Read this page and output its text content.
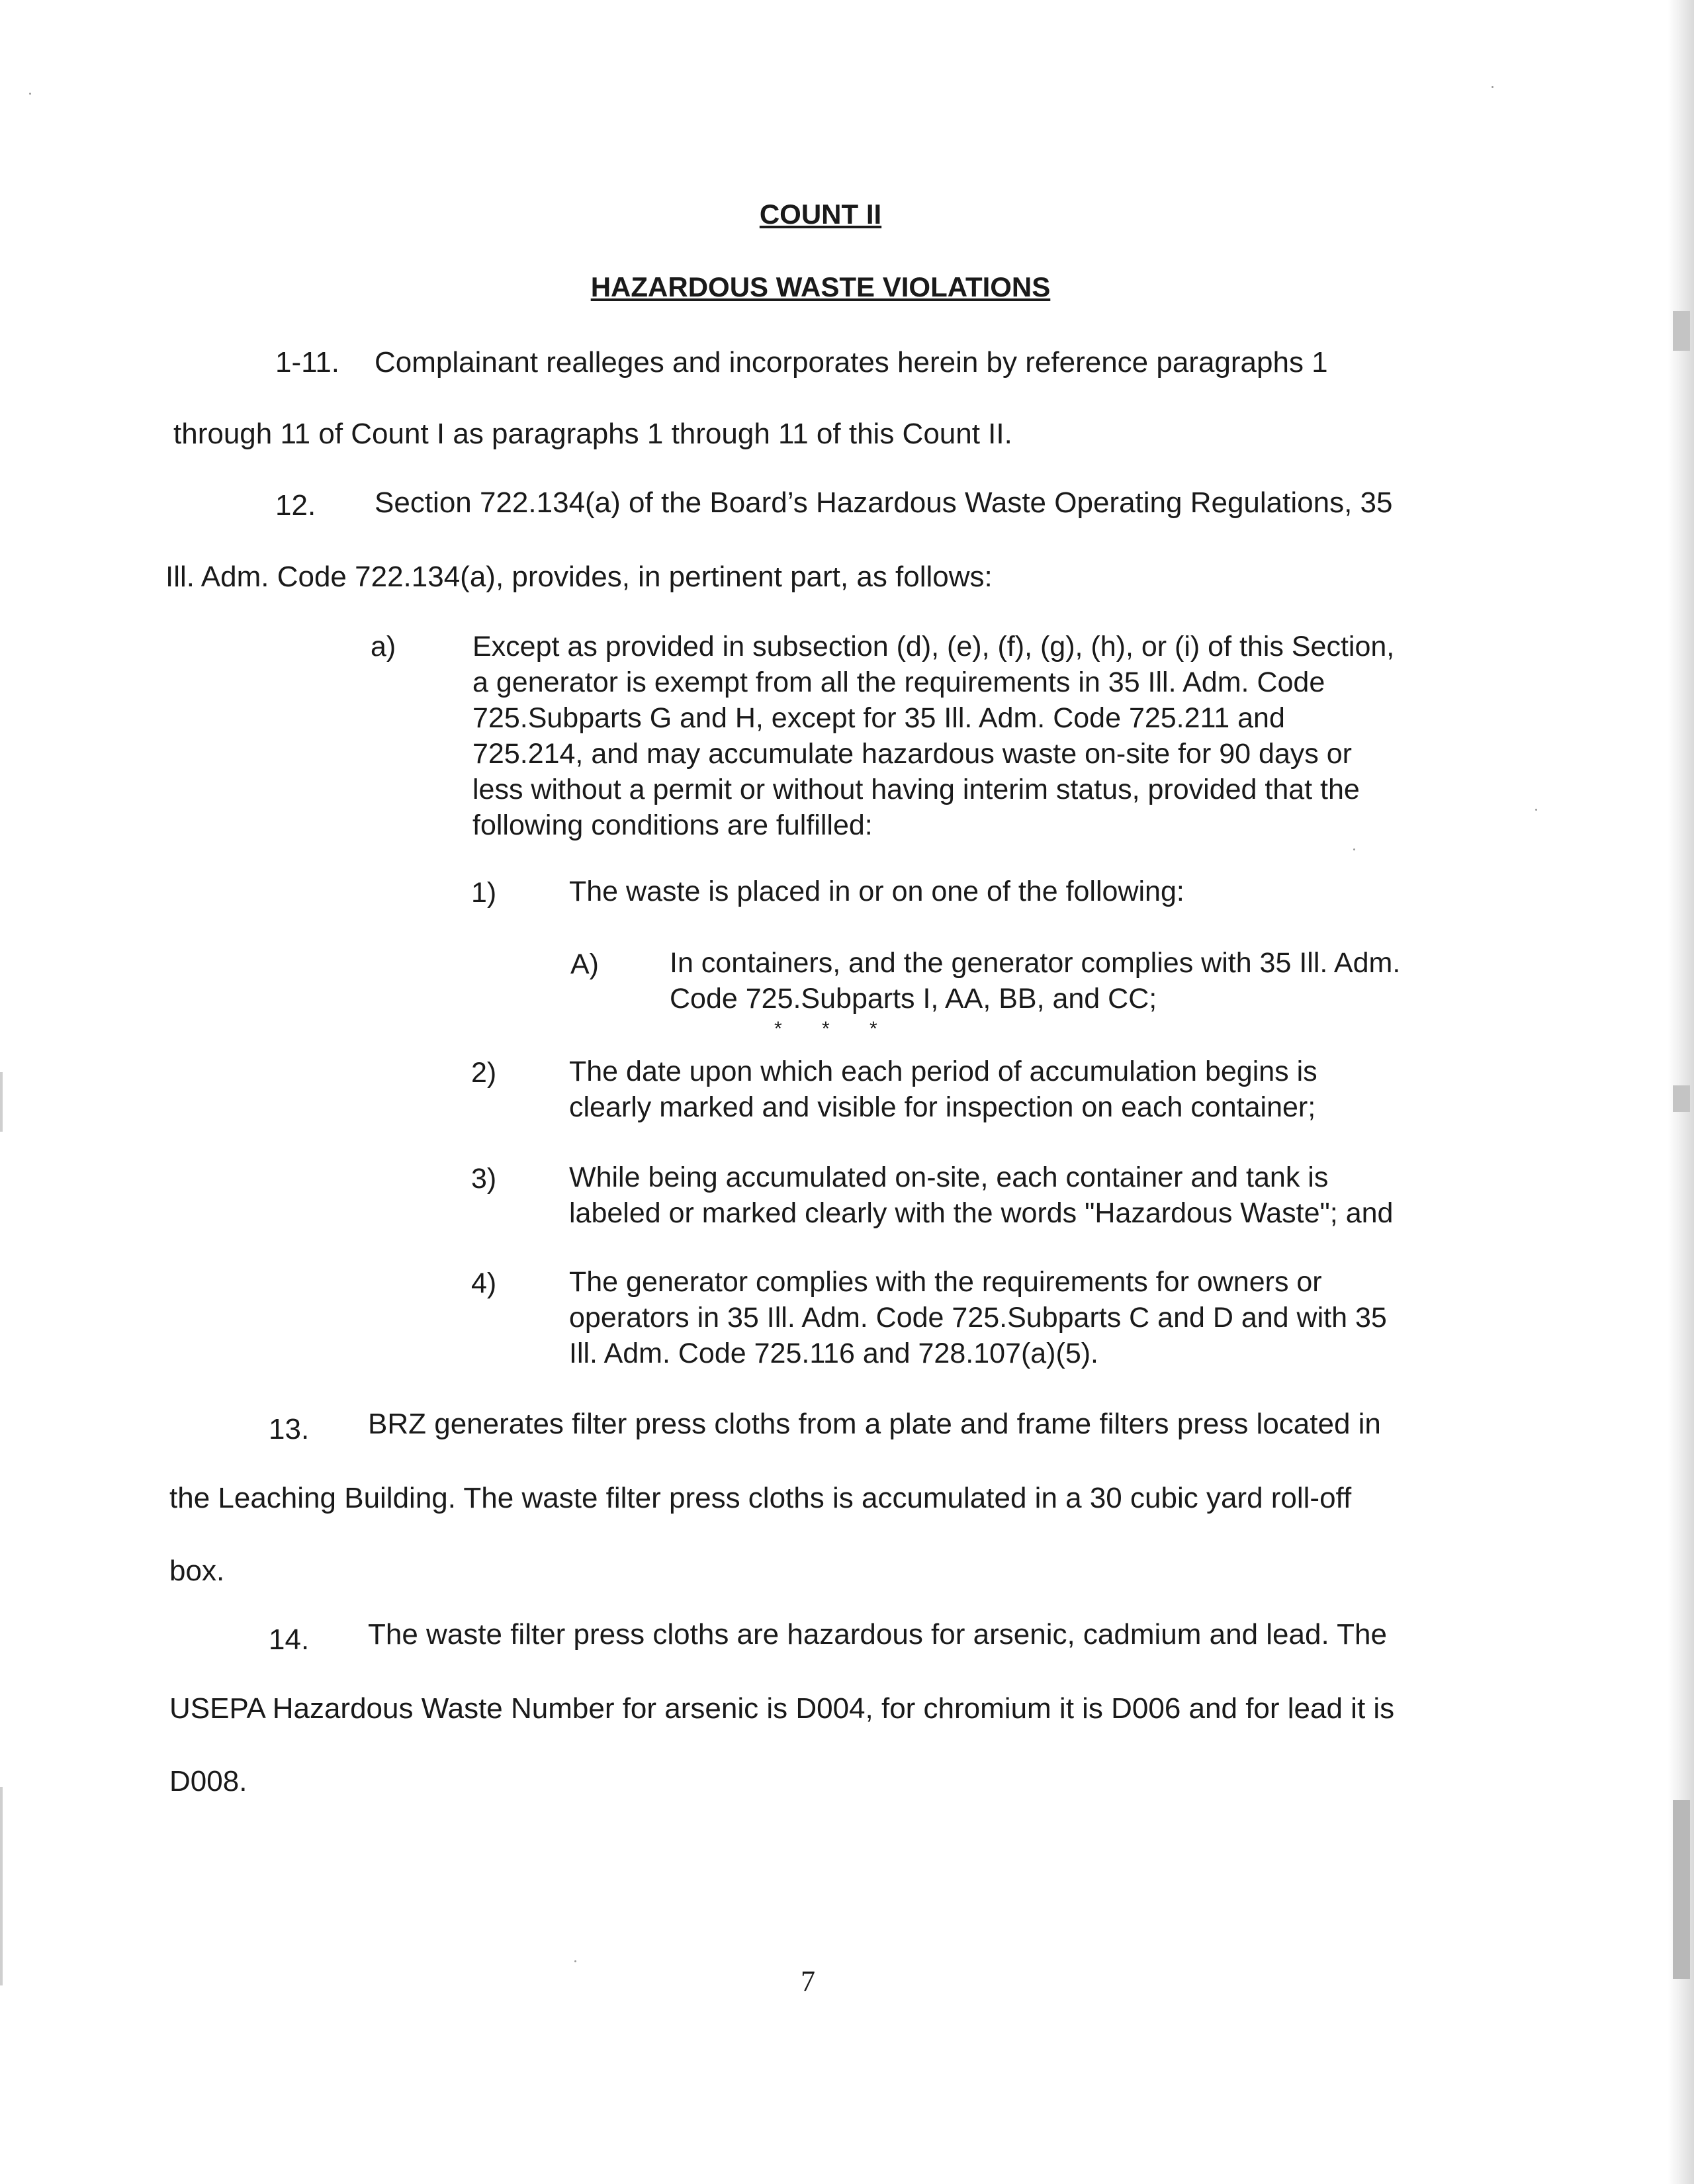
COUNT II
HAZARDOUS WASTE VIOLATIONS

1-11. Complainant realleges and incorporates herein by reference paragraphs 1

through 11 of Count I as paragraphs 1 through 11 of this Count II.

12. Section 722.134(a) of the Board’s Hazardous Waste Operating Regulations, 35

Ill. Adm. Code 722.134(a), provides, in pertinent part, as follows:

a)	Except as provided in subsection (d), (e), (f), (g), (h), or (i) of this Section,
a generator is exempt from all the requirements in 35 Ill. Adm. Code
725.Subparts G and H, except for 35 Ill. Adm. Code 725.211 and
725.214, and may accumulate hazardous waste on-site for 90 days or
less without a permit or without having interim status, provided that the
following conditions are fulfilled:

1)	The waste is placed in or on one of the following:

A) In containers, and the generator complies with 35 Ill. Adm.
Code 725.Subparts I, AA, BB, and CC;
* * *

2)	The date upon which each period of accumulation begins is
clearly marked and visible for inspection on each container;

3)	While being accumulated on-site, each container and tank is
labeled or marked clearly with the words "Hazardous Waste"; and

4)	The generator complies with the requirements for owners or
operators in 35 Ill. Adm. Code 725.Subparts C and D and with 35
Ill. Adm. Code 725.116 and 728.107(a)(5).

13. BRZ generates filter press cloths from a plate and frame filters press located in

the Leaching Building. The waste filter press cloths is accumulated in a 30 cubic yard roll-off

box.

14. The waste filter press cloths are hazardous for arsenic, cadmium and lead. The

USEPA Hazardous Waste Number for arsenic is D004, for chromium it is D006 and for lead it is

D008.

7
